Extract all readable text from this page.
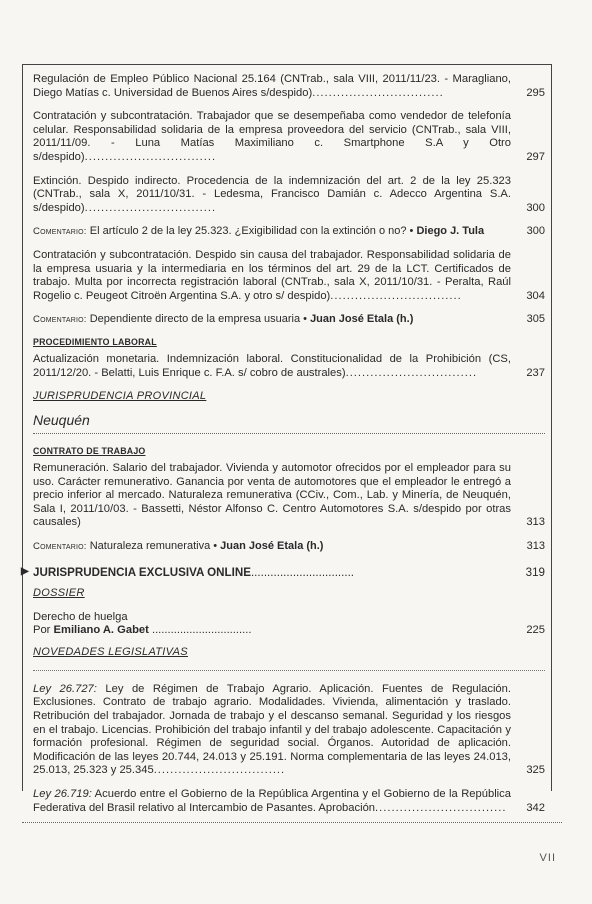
Regulación de Empleo Público Nacional 25.164 (CNTrab., sala VIII, 2011/11/23. - Maragliano, Diego Matías c. Universidad de Buenos Aires s/despido)................................	295
Contratación y subcontratación. Trabajador que se desempeñaba como vendedor de telefonía celular. Responsabilidad solidaria de la empresa proveedora del servicio (CNTrab., sala VIII, 2011/11/09. - Luna Matías Maximiliano c. Smartphone S.A y Otro s/despido)................................	297
Extinción. Despido indirecto. Procedencia de la indemnización del art. 2 de la ley 25.323 (CNTrab., sala X, 2011/10/31. - Ledesma, Francisco Damián c. Adecco Argentina S.A. s/despido)................................	300
Comentario: El artículo 2 de la ley 25.323. ¿Exigibilidad con la extinción o no? • Diego J. Tula	300
Contratación y subcontratación. Despido sin causa del trabajador. Responsabilidad solidaria de la empresa usuaria y la intermediaria en los términos del art. 29 de la LCT. Certificados de trabajo. Multa por incorrecta registración laboral (CNTrab., sala X, 2011/10/31. - Peralta, Raúl Rogelio c. Peugeot Citroën Argentina S.A. y otro s/ despido)................................	304
Comentario: Dependiente directo de la empresa usuaria • Juan José Etala (h.)	305
PROCEDIMIENTO LABORAL
Actualización monetaria. Indemnización laboral. Constitucionalidad de la Prohibición (CS, 2011/12/20. - Belatti, Luis Enrique c. F.A. s/ cobro de australes)................................	237
JURISPRUDENCIA PROVINCIAL
Neuquén
CONTRATO DE TRABAJO
Remuneración. Salario del trabajador. Vivienda y automotor ofrecidos por el empleador para su uso. Carácter remunerativo. Ganancia por venta de automotores que el empleador le entregó a precio inferior al mercado. Naturaleza remunerativa (CCiv., Com., Lab. y Minería, de Neuquén, Sala I, 2011/10/03. - Bassetti, Néstor Alfonso C. Centro Automotores S.A. s/despido por otras causales)	313
Comentario: Naturaleza remunerativa • Juan José Etala (h.)	313
▶ JURISPRUDENCIA EXCLUSIVA ONLINE................................	319
DOSSIER
Derecho de huelga
Por Emiliano A. Gabet ................................	225
NOVEDADES LEGISLATIVAS
Ley 26.727: Ley de Régimen de Trabajo Agrario. Aplicación. Fuentes de Regulación. Exclusiones. Contrato de trabajo agrario. Modalidades. Vivienda, alimentación y traslado. Retribución del trabajador. Jornada de trabajo y el descanso semanal. Seguridad y los riesgos en el trabajo. Licencias. Prohibición del trabajo infantil y del trabajo adolescente. Capacitación y formación profesional. Régimen de seguridad social. Órganos. Autoridad de aplicación. Modificación de las leyes 20.744, 24.013 y 25.191. Norma complementaria de las leyes 24.013, 25.013, 25.323 y 25.345................................	325
Ley 26.719: Acuerdo entre el Gobierno de la República Argentina y el Gobierno de la República Federativa del Brasil relativo al Intercambio de Pasantes. Aprobación................................ 342
VII
